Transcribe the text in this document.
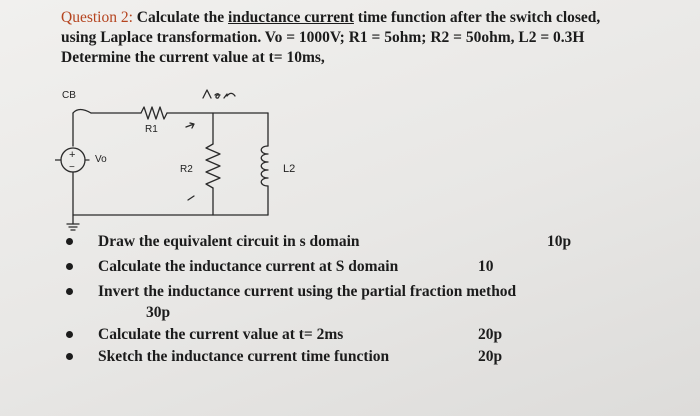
Question 2: Calculate the inductance current time function after the switch closed,
using Laplace transformation. Vo = 1000V; R1 = 5ohm; R2 = 50ohm, L2 = 0.3H
Determine the current value at t= 10ms,
CB
R1
R2	L2
Vo
+
−
Vor
Draw the equivalent circuit in s domain	10p
Calculate the inductance current at S domain	10
Invert the inductance current using the partial fraction method
30p
Calculate the current value at t= 2ms	20p
Sketch the inductance current time function	20p
